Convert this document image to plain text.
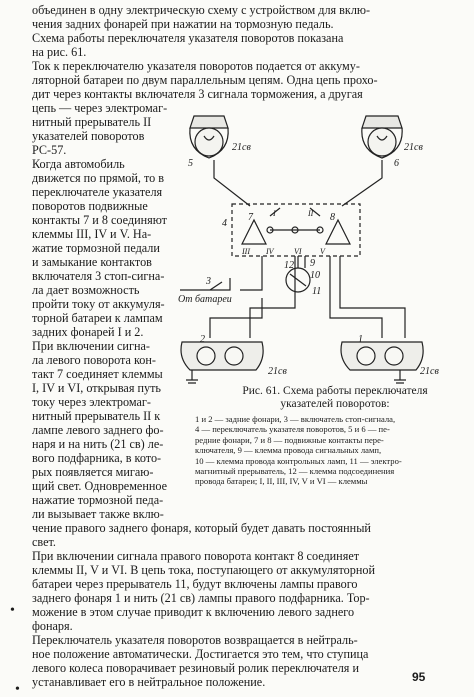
объединен в одну электрическую схему с устройством для вклю-
чения задних фонарей при нажатии на тормозную педаль.
Схема работы переключателя указателя поворотов показана
на рис. 61.
Ток к переключателю указателя поворотов подается от аккуму-
ляторной батареи по двум параллельным цепям. Одна цепь прохо-
дит через контакты включателя 3 сигнала торможения, а другая
цепь — через электромаг-
нитный прерыватель II
указателей поворотов
РС-57.
Когда автомобиль
движется по прямой, то в
переключателе указателя
поворотов подвижные
контакты 7 и 8 соединяют
клеммы III, IV и V. На-
жатие тормозной педали
и замыкание контактов
включателя 3 стоп-сигна-
ла дает возможность
пройти току от аккумуля-
торной батареи к лампам
задних фонарей I и 2.
При включении сигна-
ла левого поворота кон-
такт 7 соединяет клеммы
I, IV и VI, открывая путь
току через электромаг-
нитный прерыватель II к
лампе левого заднего фо-
наря и на нить (21 св) ле-
вого подфарника, в кото-
рых появляется мигаю-
щий свет. Одновременное
нажатие тормозной педа-
ли вызывает также вклю-
чение правого заднего фонаря, который будет давать постоянный
свет.
При включении сигнала правого поворота контакт 8 соединяет
клеммы II, V и VI. В цепь тока, поступающего от аккумуляторной
батареи через прерыватель 11, будут включены лампы правого
заднего фонаря 1 и нить (21 св) лампы правого подфарника. Тор-
можение в этом случае приводит к включению левого заднего
фонаря.
Переключатель указателя поворотов возвращается в нейтраль-
ное положение автоматически. Достигается это тем, что ступица
левого колеса поворачивает резиновый ролик переключателя и
устанавливает его в нейтральное положение.
21св	21св
5	6
4
7	8
I	II
III IV	V
VI
12 9
10
11
3
От батареи
2	1
21св	21св
Рис. 61. Схема работы переключателя указателей поворотов:
1 и 2 — задние фонари, 3 — включатель стоп-сигнала,
4 — переключатель указателя поворотов, 5 и 6 — пе-
редние фонари, 7 и 8 — подвижные контакты пере-
ключателя, 9 — клемма провода сигнальных ламп,
10 — клемма провода контрольных ламп, 11 — электро-
магнитный прерыватель, 12 — клемма подсоединения
провода батареи; I, II, III, IV, V и VI — клеммы
•
•
95
